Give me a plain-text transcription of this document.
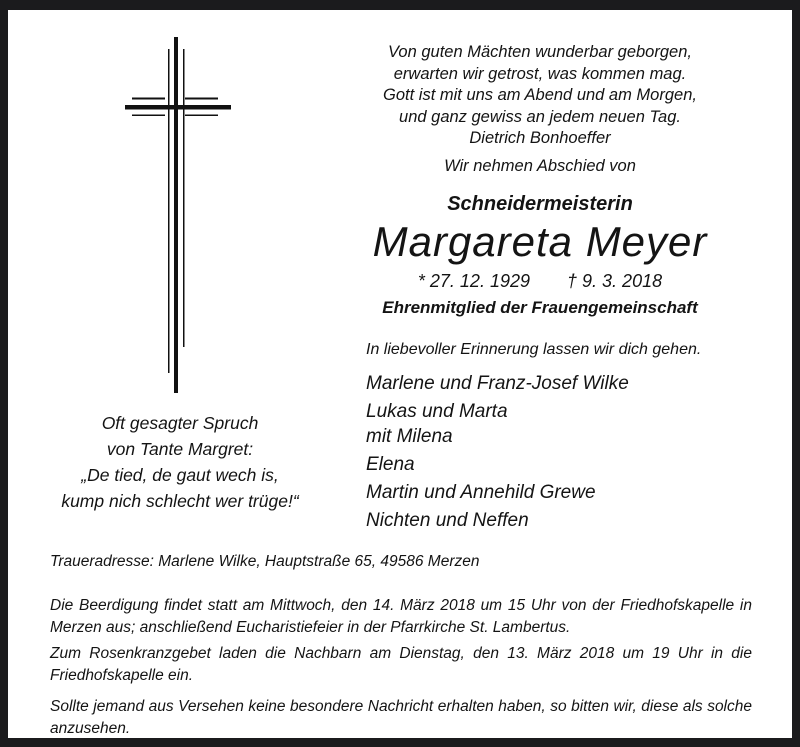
Von guten Mächten wunderbar geborgen,
erwarten wir getrost, was kommen mag.
Gott ist mit uns am Abend und am Morgen,
und ganz gewiss an jedem neuen Tag.
Dietrich Bonhoeffer
Wir nehmen Abschied von
Schneidermeisterin
Margareta Meyer
* 27. 12. 1929 † 9. 3. 2018
Ehrenmitglied der Frauengemeinschaft
In liebevoller Erinnerung lassen wir dich gehen.
Marlene und Franz-Josef Wilke
Lukas und Marta
mit Milena
Elena
Martin und Annehild Grewe
Nichten und Neffen
Oft gesagter Spruch
von Tante Margret:
„De tied, de gaut wech is,
kump nich schlecht wer trüge!“
Traueradresse: Marlene Wilke, Hauptstraße 65, 49586 Merzen
Die Beerdigung findet statt am Mittwoch, den 14. März 2018 um 15 Uhr von der Friedhofskapelle in Merzen aus; anschließend Eucharistiefeier in der Pfarrkirche St. Lambertus.
Zum Rosenkranzgebet laden die Nachbarn am Dienstag, den 13. März 2018 um 19 Uhr in die Friedhofskapelle ein.
Sollte jemand aus Versehen keine besondere Nachricht erhalten haben, so bitten wir, diese als solche anzusehen.
